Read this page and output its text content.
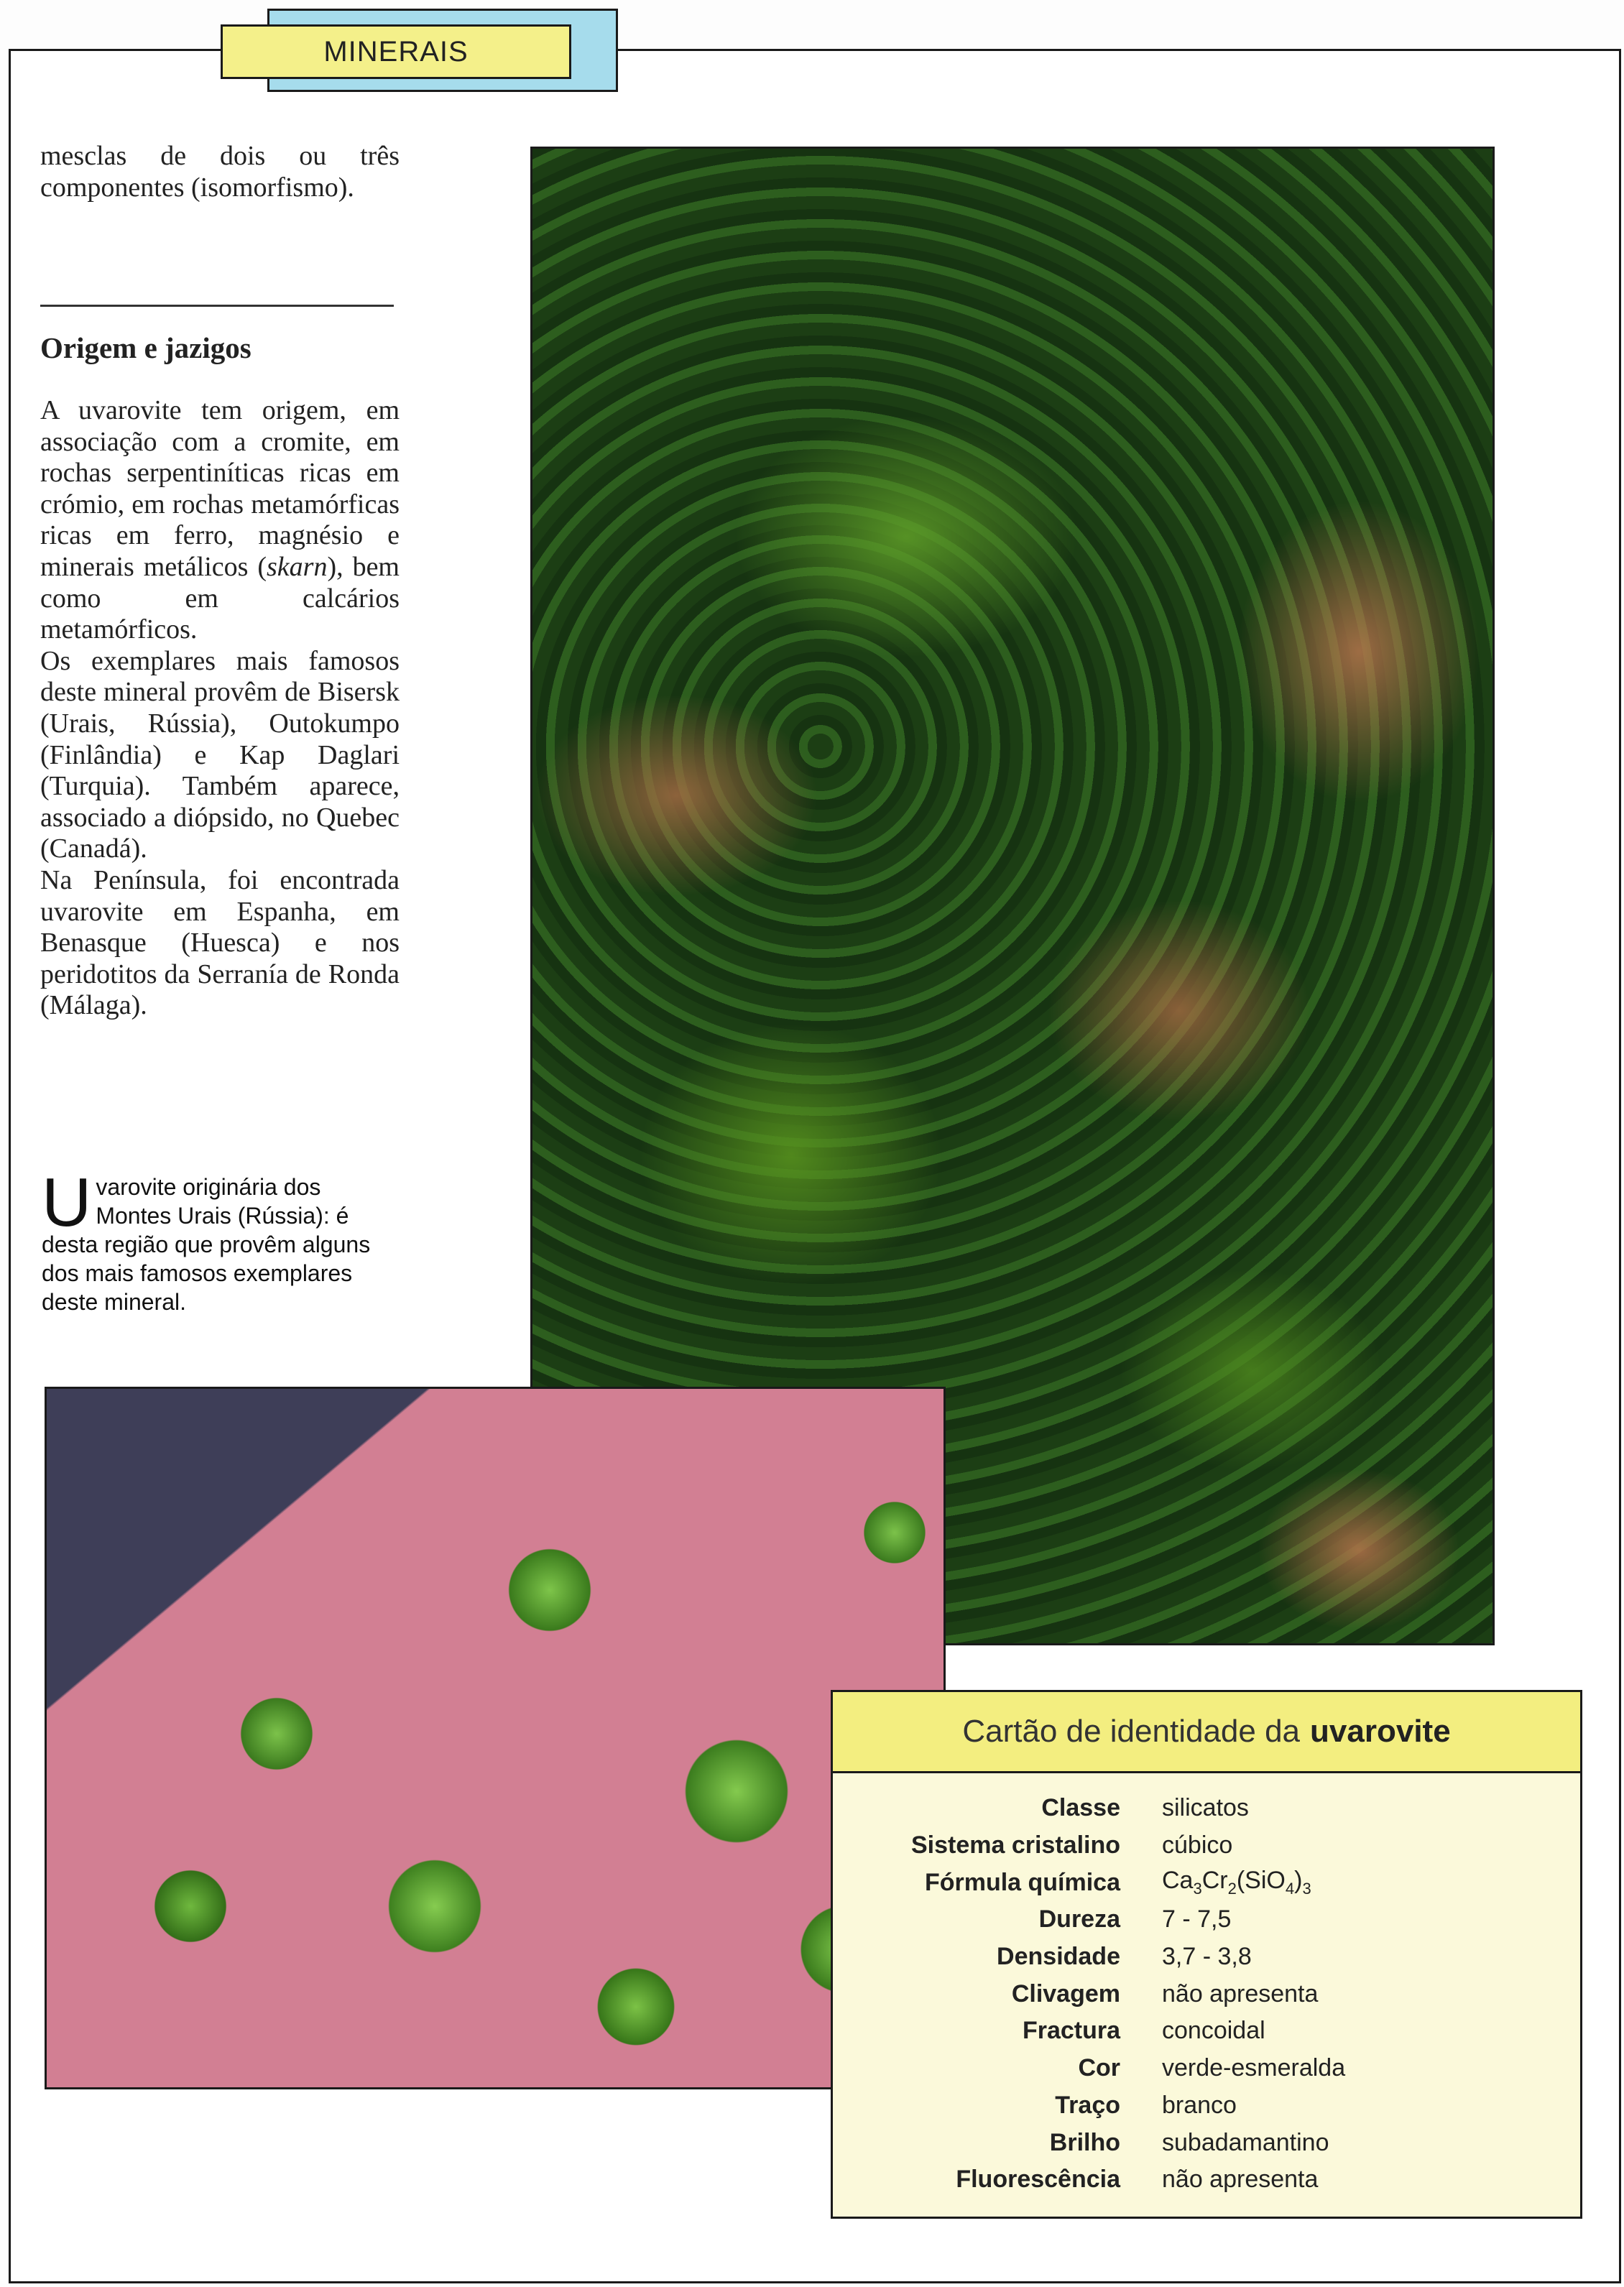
MINERAIS
mesclas de dois ou três componentes (isomorfismo).
Origem e jazigos
A uvarovite tem origem, em associação com a cromite, em rochas serpentiníticas ricas em crómio, em rochas metamórficas ricas em ferro, magnésio e minerais metálicos (skarn), bem como em calcários metamórficos.
Os exemplares mais famosos deste mineral provêm de Bisersk (Urais, Rússia), Outokumpo (Finlândia) e Kap Daglari (Turquia). Também aparece, associado a diópsido, no Quebec (Canadá).
Na Península, foi encontrada uvarovite em Espanha, em Benasque (Huesca) e nos peridotitos da Serranía de Ronda (Málaga).
U varovite originária dos Montes Urais (Rússia): é desta região que provêm alguns dos mais famosos exemplares deste mineral.
Cartão de identidade da uvarovite
Classe	silicatos
Sistema cristalino	cúbico
Fórmula química	$Ca_3Cr_2(SiO_4)_3$
Dureza	7 - 7,5
Densidade	3,7 - 3,8
Clivagem	não apresenta
Fractura	concoidal
Cor	verde-esmeralda
Traço	branco
Brilho	subadamantino
Fluorescência	não apresenta
